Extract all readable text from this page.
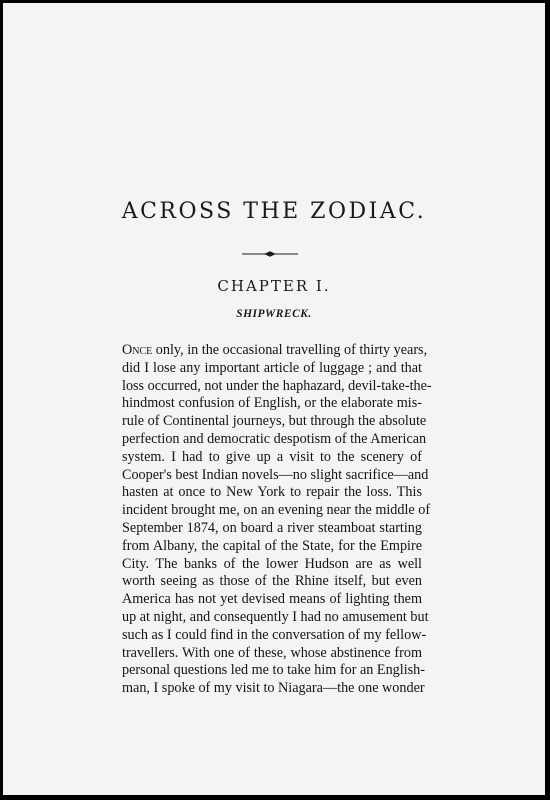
ACROSS THE ZODIAC.
CHAPTER I.
SHIPWRECK.
Once only, in the occasional travelling of thirty years,
did I lose any important article of luggage ; and that
loss occurred, not under the haphazard, devil-take-the-
hindmost confusion of English, or the elaborate mis-
rule of Continental journeys, but through the absolute
perfection and democratic despotism of the American
system. I had to give up a visit to the scenery of
Cooper's best Indian novels—no slight sacrifice—and
hasten at once to New York to repair the loss. This
incident brought me, on an evening near the middle of
September 1874, on board a river steamboat starting
from Albany, the capital of the State, for the Empire
City. The banks of the lower Hudson are as well
worth seeing as those of the Rhine itself, but even
America has not yet devised means of lighting them
up at night, and consequently I had no amusement but
such as I could find in the conversation of my fellow-
travellers. With one of these, whose abstinence from
personal questions led me to take him for an English-
man, I spoke of my visit to Niagara—the one wonder
